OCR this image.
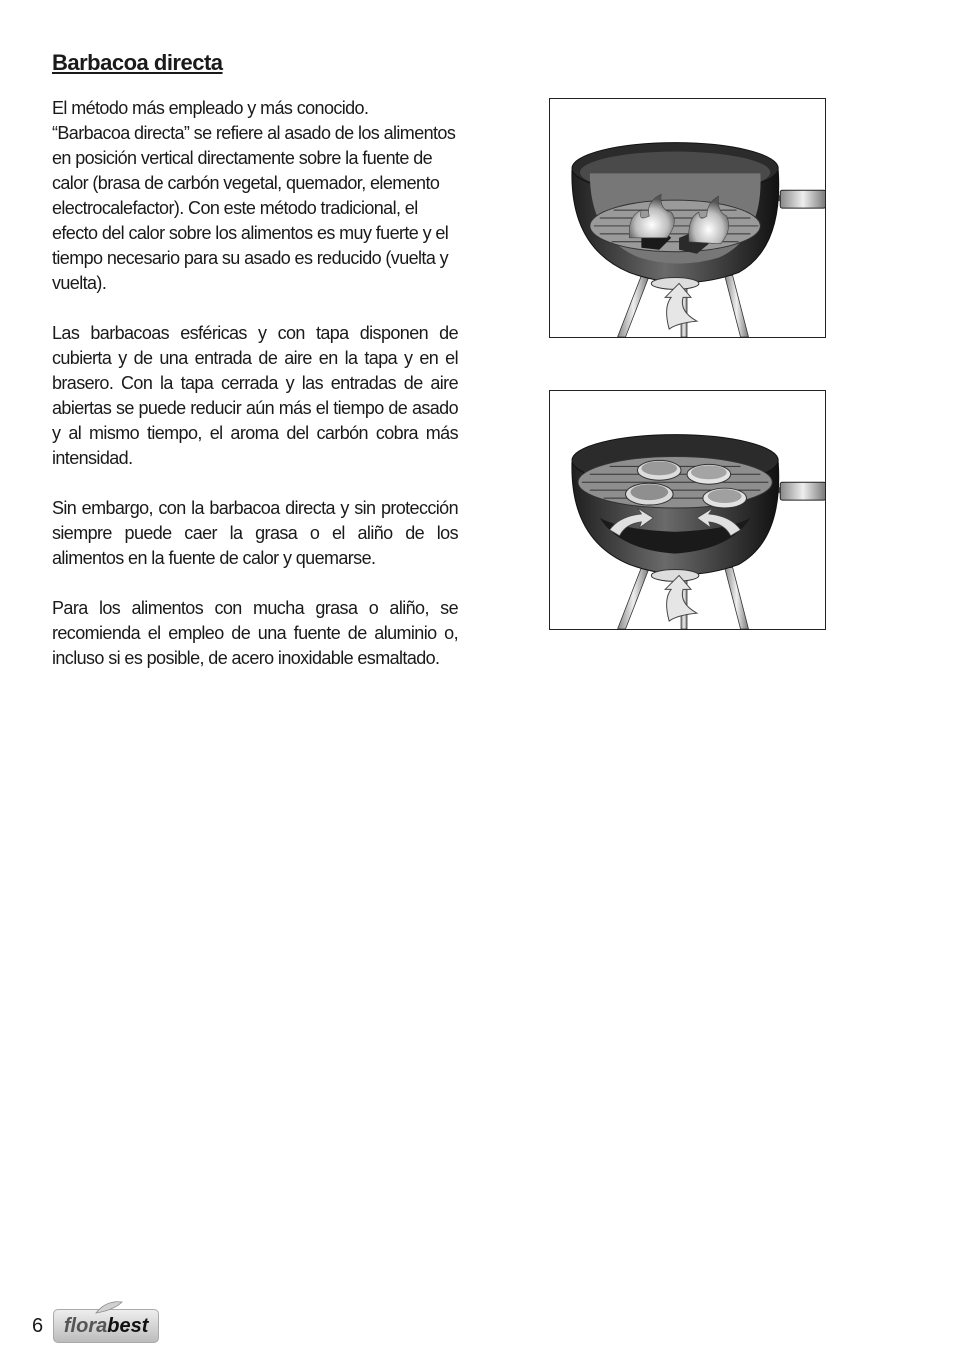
Barbacoa directa

El método más empleado y más conocido.
“Barbacoa directa” se refiere al asado de los alimentos en posición vertical directamente sobre la fuente de calor (brasa de carbón vegetal, quemador, elemento electrocalefactor). Con este método tradicional, el efecto del calor sobre los alimentos es muy fuerte y el tiempo necesario para su asado es reducido (vuelta y vuelta).

Las barbacoas esféricas y con tapa disponen de cubierta y de una entrada de aire en la tapa y en el brasero. Con la tapa cerrada y las entradas de aire abiertas se puede reducir aún más el tiempo de asado y al mismo tiempo, el aroma del carbón cobra más intensidad.

Sin embargo, con la barbacoa directa y sin protección siempre puede caer la grasa o el aliño de los alimentos en la fuente de calor y quemarse.

Para los alimentos con mucha grasa o aliño, se recomienda el empleo de una fuente de aluminio o, incluso si es posible, de acero inoxidable esmaltado.

6 flora best
